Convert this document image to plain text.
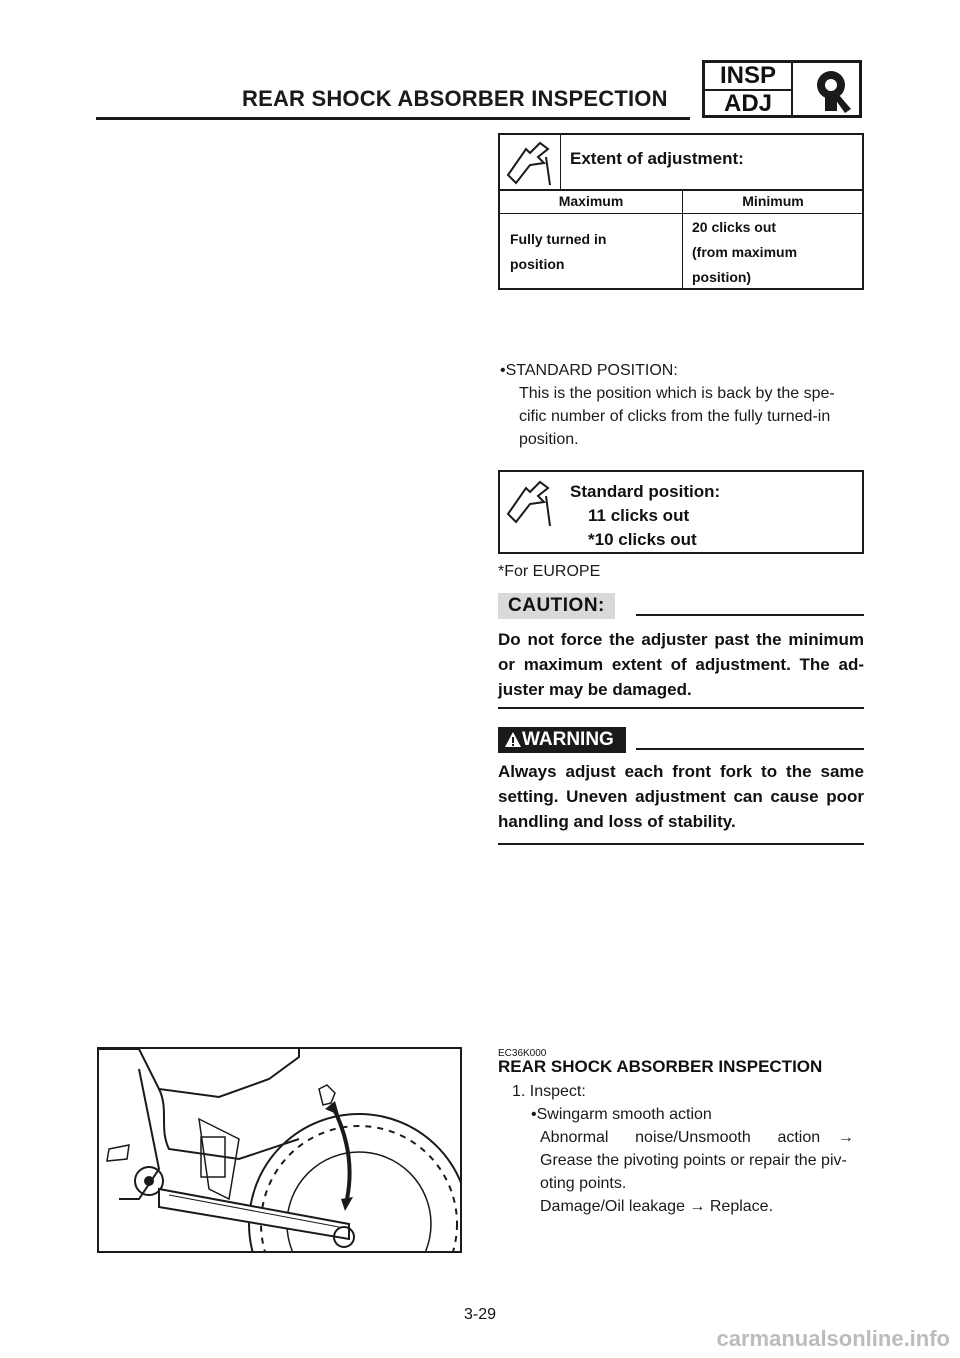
REAR SHOCK ABSORBER INSPECTION
INSP
ADJ
Extent of adjustment:
Maximum	Minimum
Fully turned in
position
20 clicks out
(from maximum
position)
•STANDARD POSITION:
This is the position which is back by the spe-
cific number of clicks from the fully turned-in
position.
Standard position:
11 clicks out
*10 clicks out
*For EUROPE
CAUTION:
Do not force the adjuster past the minimum or maximum extent of adjustment. The ad-juster may be damaged.
WARNING
Always adjust each front fork to the same setting. Uneven adjustment can cause poor handling and loss of stability.
EC36K000
REAR SHOCK ABSORBER INSPECTION
1. Inspect:
•Swingarm smooth action
Abnormal      noise/Unsmooth      action    →
Grease the pivoting points or repair the piv-
oting points.
Damage/Oil leakage → Replace.
3-29
carmanualsonline.info
